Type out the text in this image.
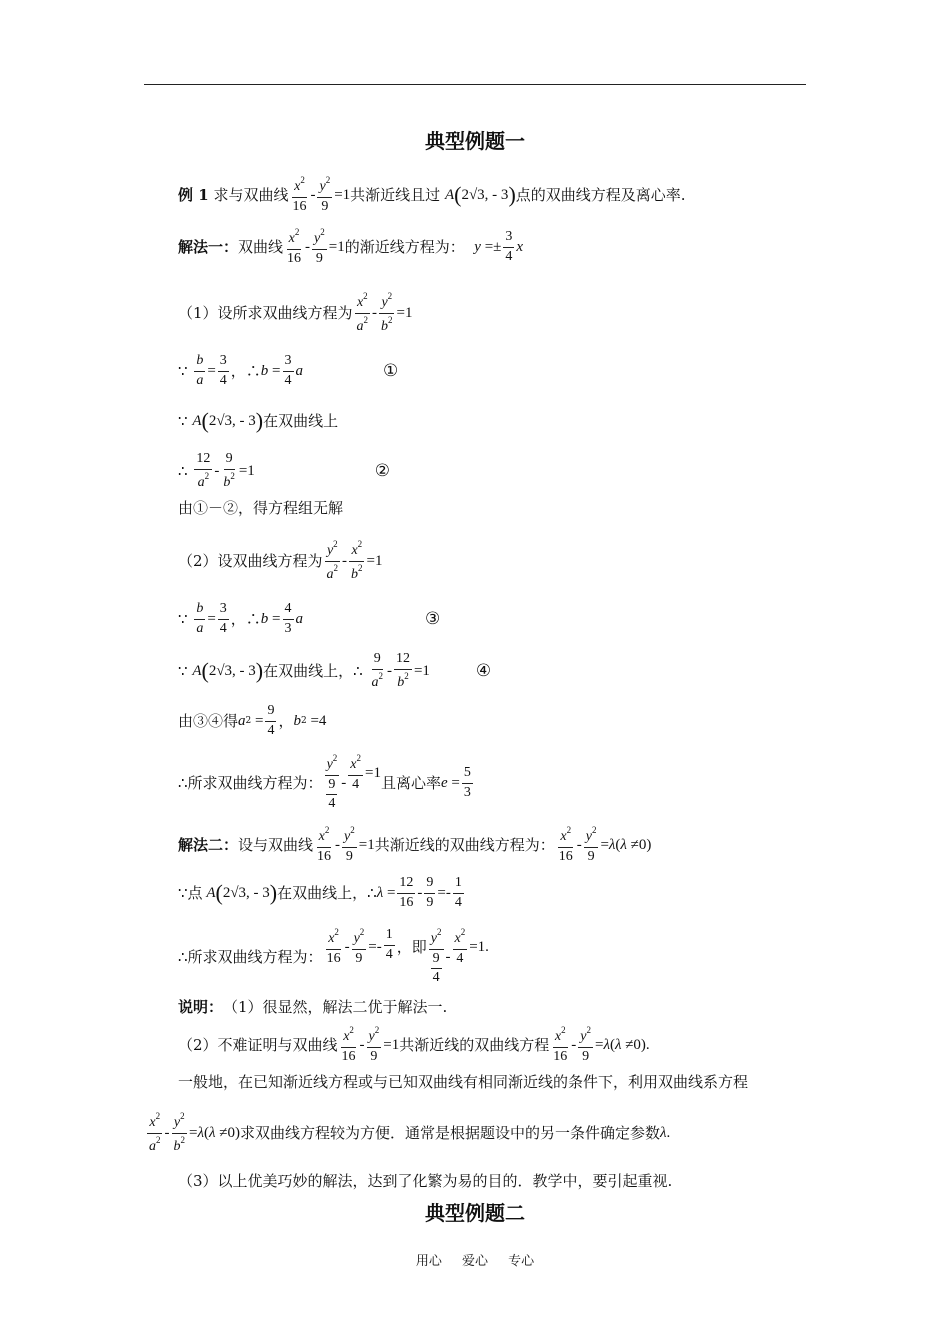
典型例题一
例 1
求与双曲线 $x^2$
16
- $\frac{y^2}{9} =1$ 共渐近线且过
A ( 2√3, - 3 ) 点的双曲线方程及离心率.
解法一： 双曲线 $x^2$
16
- $\frac{y^2}{9} =1$ 的渐近线方程为：
$y =\pm \frac{3}{4}$ x
（1）设所求双曲线方程为
$x^2$
$a^2 - \frac{y^2}{b^2} =1$
∵ $\frac{b}{a} = \frac{3}{4}$ ，∴ $b = \frac{3}{4}$ a	①
∵ A ( 2√3, - 3 ) 在双曲线上
∴
12
$a^2 - \frac{9}{b^2} =1$	②
由①－②，得方程组无解
（2）设双曲线方程为
$y^2$
$a^2 - \frac{x^2}{b^2} =1$
∵ $\frac{b}{a} = \frac{3}{4}$ ，∴ $b = \frac{4}{3}$ a	③
∵ A ( 2√3, - 3 ) 在双曲线上， ∴
9
$a^2 - \frac{12}{b^2} =1$	④
由③④得 a $2 = \frac{9}{4}$ ， b 2 =4
∴ 所求双曲线方程为：
$y^2$
9
4
- $\frac{x^2}{4} =1$
且离心率 $e = \frac{5}{3}$
解法二： 设与双曲线 $x^2$
16
- $\frac{y^2}{9} =1$ 共渐近线的双曲线方程为： $x^2$
16
- $\frac{y^2}{9} =\lambda(\lambda \ne 0)$
∵ 点 A ( 2√3, - 3 ) 在双曲线上， ∴ $\lambda = \frac{12}{16} - \frac{9}{9}$ =-
1
4
∴ 所求双曲线方程为：
$x^2$
16
- $\frac{y^2}{9}$ =-
1
4 ， 即 $y^2$
9
4
- $\frac{x^2}{4} =1$.
说明： （1）很显然，解法二优于解法一.
（2）不难证明与双曲线 $x^2$
16
- $\frac{y^2}{9} =1$ 共渐近线的双曲线方程 $x^2$
16
- $\frac{y^2}{9} =\lambda(\lambda \ne 0)$.
一般地，在已知渐近线方程或与已知双曲线有相同渐近线的条件下，利用双曲线系方程
$x^2$
$a^2 - \frac{y^2}{b^2} =\lambda(\lambda \ne 0)$ 求双曲线方程较为方便．通常是根据题设中的另一条件确定参数 λ .
（3）以上优美巧妙的解法，达到了化繁为易的目的．教学中，要引起重视.
典型例题二
用心 爱心 专心
